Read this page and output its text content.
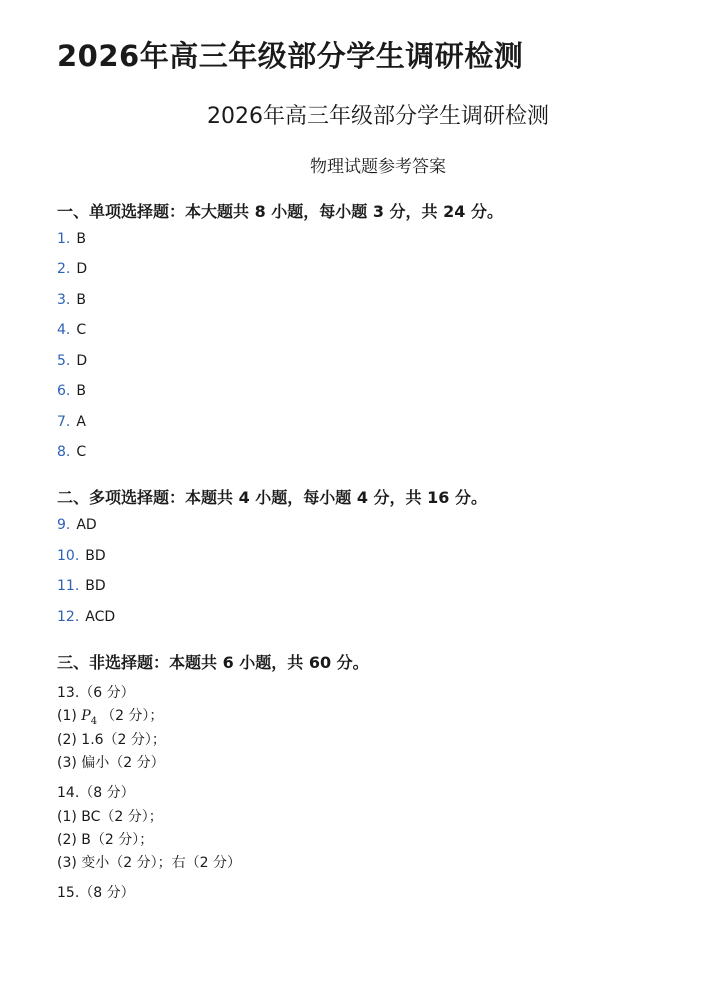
2026年高三年级部分学生调研检测
2026年高三年级部分学生调研检测
物理试题参考答案
一、单项选择题：本大题共 8 小题，每小题 3 分，共 24 分。
1. B
2. D
3. B
4. C
5. D
6. B
7. A
8. C
二、多项选择题：本题共 4 小题，每小题 4 分，共 16 分。
9. AD
10. BD
11. BD
12. ACD
三、非选择题：本题共 6 小题，共 60 分。
13.（6 分）
(1) $P_4$ （2 分）；
(2) 1.6（2 分）；
(3) 偏小（2 分）
14.（8 分）
(1) BC（2 分）；
(2) B（2 分）；
(3) 变小（2 分）；右（2 分）
15.（8 分）
